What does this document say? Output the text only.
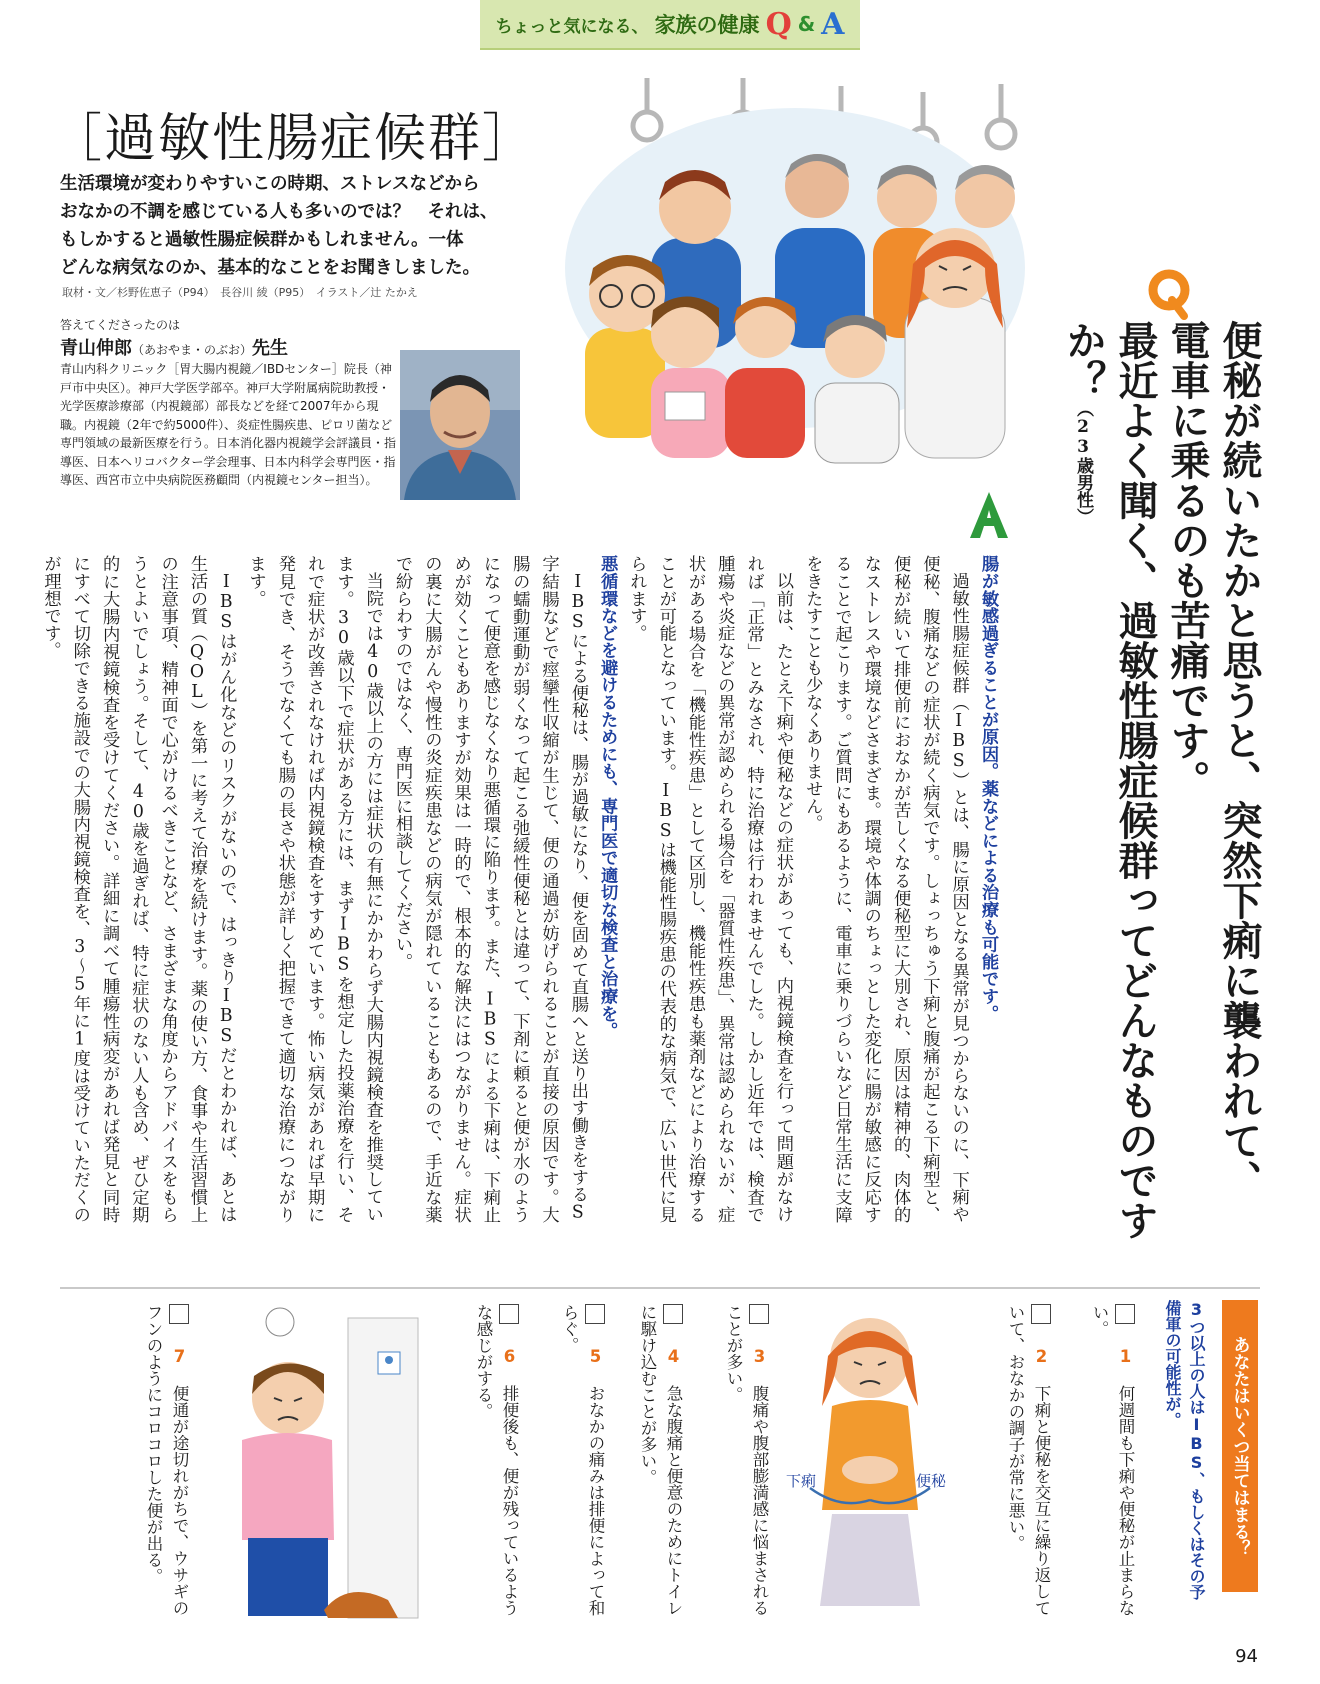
ちょっと気になる、 家族の健康 Q & A
［過敏性腸症候群］
生活環境が変わりやすいこの時期、ストレスなどから
おなかの不調を感じている人も多いのでは？　それは、
もしかすると過敏性腸症候群かもしれません。一体
どんな病気なのか、基本的なことをお聞きしました。
取材・文／杉野佐恵子（P94）　長谷川 綾（P95）　イラスト／辻 たかえ
答えてくださったのは
青山伸郎（あおやま・のぶお）先生
青山内科クリニック［胃大腸内視鏡／IBDセンター］院長（神戸市中央区）。神戸大学医学部卒。神戸大学附属病院助教授・光学医療診療部（内視鏡部）部長などを経て2007年から現職。内視鏡（2年で約5000件）、炎症性腸疾患、ピロリ菌など専門領域の最新医療を行う。日本消化器内視鏡学会評議員・指導医、日本ヘリコバクター学会理事、日本内科学会専門医・指導医、西宮市立中央病院医務顧問（内視鏡センター担当）。	便秘が続いたかと思うと、突然下痢に襲われて、
電車に乗るのも苦痛です。
最近よく聞く、過敏性腸症候群ってどんなものですか？（23歳男性）

腸が敏感過ぎることが原因。薬などによる治療も可能です。

過敏性腸症候群（IBS）とは、腸に原因となる異常が見つからないのに、下痢や便秘、腹痛などの症状が続く病気です。しょっちゅう下痢と腹痛が起こる下痢型と、便秘が続いて排便前におなかが苦しくなる便秘型に大別され、原因は精神的、肉体的なストレスや環境などさまざま。環境や体調のちょっとした変化に腸が敏感に反応することで起こります。ご質問にもあるように、電車に乗りづらいなど日常生活に支障をきたすことも少なくありません。

以前は、たとえ下痢や便秘などの症状があっても、内視鏡検査を行って問題がなければ「正常」とみなされ、特に治療は行われませんでした。しかし近年では、検査で腫瘍や炎症などの異常が認められる場合を「器質性疾患」、異常は認められないが、症状がある場合を「機能性疾患」として区別し、機能性疾患も薬剤などにより治療することが可能となっています。IBSは機能性腸疾患の代表的な病気で、広い世代に見られます。

悪循環などを避けるためにも、専門医で適切な検査と治療を。

IBSによる便秘は、腸が過敏になり、便を固めて直腸へと送り出す働きをするS字結腸などで痙攣性収縮が生じて、便の通過が妨げられることが直接の原因です。大腸の蠕動運動が弱くなって起こる弛緩性便秘とは違って、下剤に頼ると便が水のようになって便意を感じなくなり悪循環に陥ります。また、IBSによる下痢は、下痢止めが効くこともありますが効果は一時的で、根本的な解決にはつながりません。症状の裏に大腸がんや慢性の炎症疾患などの病気が隠れていることもあるので、手近な薬で紛らわすのではなく、専門医に相談してください。

当院では40歳以上の方には症状の有無にかかわらず大腸内視鏡検査を推奨しています。30歳以下で症状がある方には、まずIBSを想定した投薬治療を行い、それで症状が改善されなければ内視鏡検査をすすめています。怖い病気があれば早期に発見でき、そうでなくても腸の長さや状態が詳しく把握できて適切な治療につながります。

IBSはがん化などのリスクがないので、はっきりIBSだとわかれば、あとは生活の質（QOL）を第一に考えて治療を続けます。薬の使い方、食事や生活習慣上の注意事項、精神面で心がけるべきことなど、さまざまな角度からアドバイスをもらうとよいでしょう。そして、40歳を過ぎれば、特に症状のない人も含め、ぜひ定期的に大腸内視鏡検査を受けてください。詳細に調べて腫瘍性病変があれば発見と同時にすべて切除できる施設での大腸内視鏡検査を、3～5年に1度は受けていただくのが理想です。

あなたはいくつ当てはまる？
3つ以上の人はIBS、もしくはその予備軍の可能性が。
1 何週間も下痢や便秘が止まらない。
2 下痢と便秘を交互に繰り返していて、おなかの調子が常に悪い。
下痢	便秘
3 腹痛や腹部膨満感に悩まされることが多い。
4 急な腹痛と便意のためにトイレに駆け込むことが多い。
5 おなかの痛みは排便によって和らぐ。
6 排便後も、便が残っているような感じがする。
7 便通が途切れがちで、ウサギのフンのようにコロコロした便が出る。
94
